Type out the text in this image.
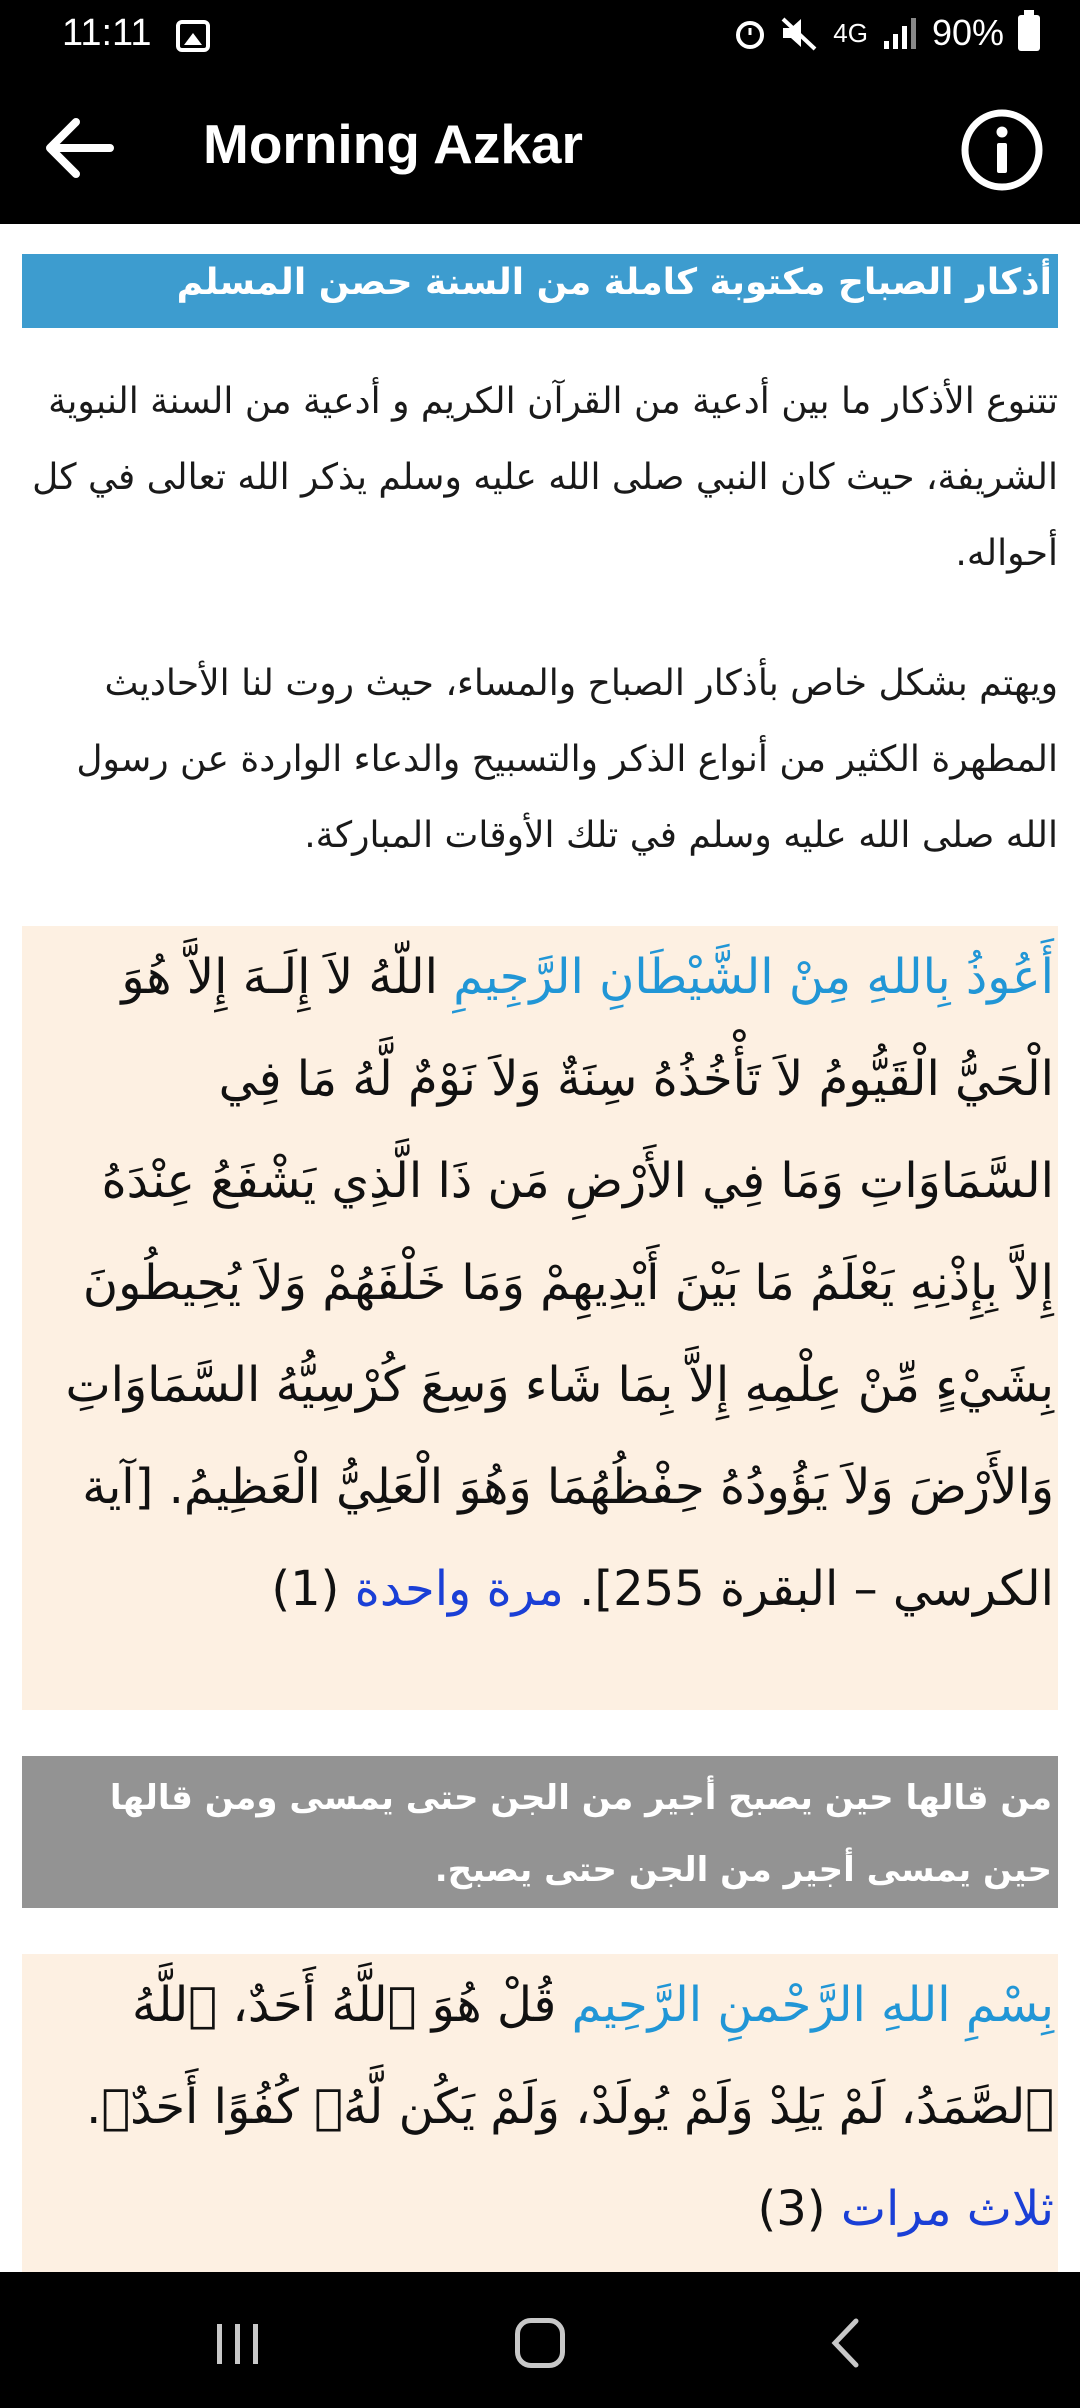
11:11	4G 90%
Morning Azkar
أذكار الصباح مكتوبة كاملة من السنة حصن المسلم

تتنوع الأذكار ما بين أدعية من القرآن الكريم و أدعية من السنة النبوية الشريفة، حيث كان النبي صلى الله عليه وسلم يذكر الله تعالى في كل أحواله.

ويهتم بشكل خاص بأذكار الصباح والمساء، حيث روت لنا الأحاديث المطهرة الكثير من أنواع الذكر والتسبيح والدعاء الواردة عن رسول الله صلى الله عليه وسلم في تلك الأوقات المباركة.

أَعُوذُ بِاللهِ مِنْ الشَّيْطَانِ الرَّجِيمِ اللّهُ لاَ إِلَـهَ إِلاَّ هُوَ الْحَيُّ الْقَيُّومُ لاَ تَأْخُذُهُ سِنَةٌ وَلاَ نَوْمٌ لَّهُ مَا فِي السَّمَاوَاتِ وَمَا فِي الأَرْضِ مَن ذَا الَّذِي يَشْفَعُ عِنْدَهُ إِلاَّ بِإِذْنِهِ يَعْلَمُ مَا بَيْنَ أَيْدِيهِمْ وَمَا خَلْفَهُمْ وَلاَ يُحِيطُونَ بِشَيْءٍ مِّنْ عِلْمِهِ إِلاَّ بِمَا شَاء وَسِعَ كُرْسِيُّهُ السَّمَاوَاتِ وَالأَرْضَ وَلاَ يَؤُودُهُ حِفْظُهُمَا وَهُوَ الْعَلِيُّ الْعَظِيمُ. [آية الكرسي – البقرة 255]. مرة واحدة (1)
من قالها حين يصبح أجير من الجن حتى يمسى ومن قالها حين يمسى أجير من الجن حتى يصبح.
بِسْمِ اللهِ الرَّحْمنِ الرَّحِيم قُلْ هُوَ ٱللَّهُ أَحَدٌ، ٱللَّهُ ٱلصَّمَدُ، لَمْ يَلِدْ وَلَمْ يُولَدْ، وَلَمْ يَكُن لَّهُۥ كُفُوًا أَحَدٌۢ. ثلاث مرات (3)
